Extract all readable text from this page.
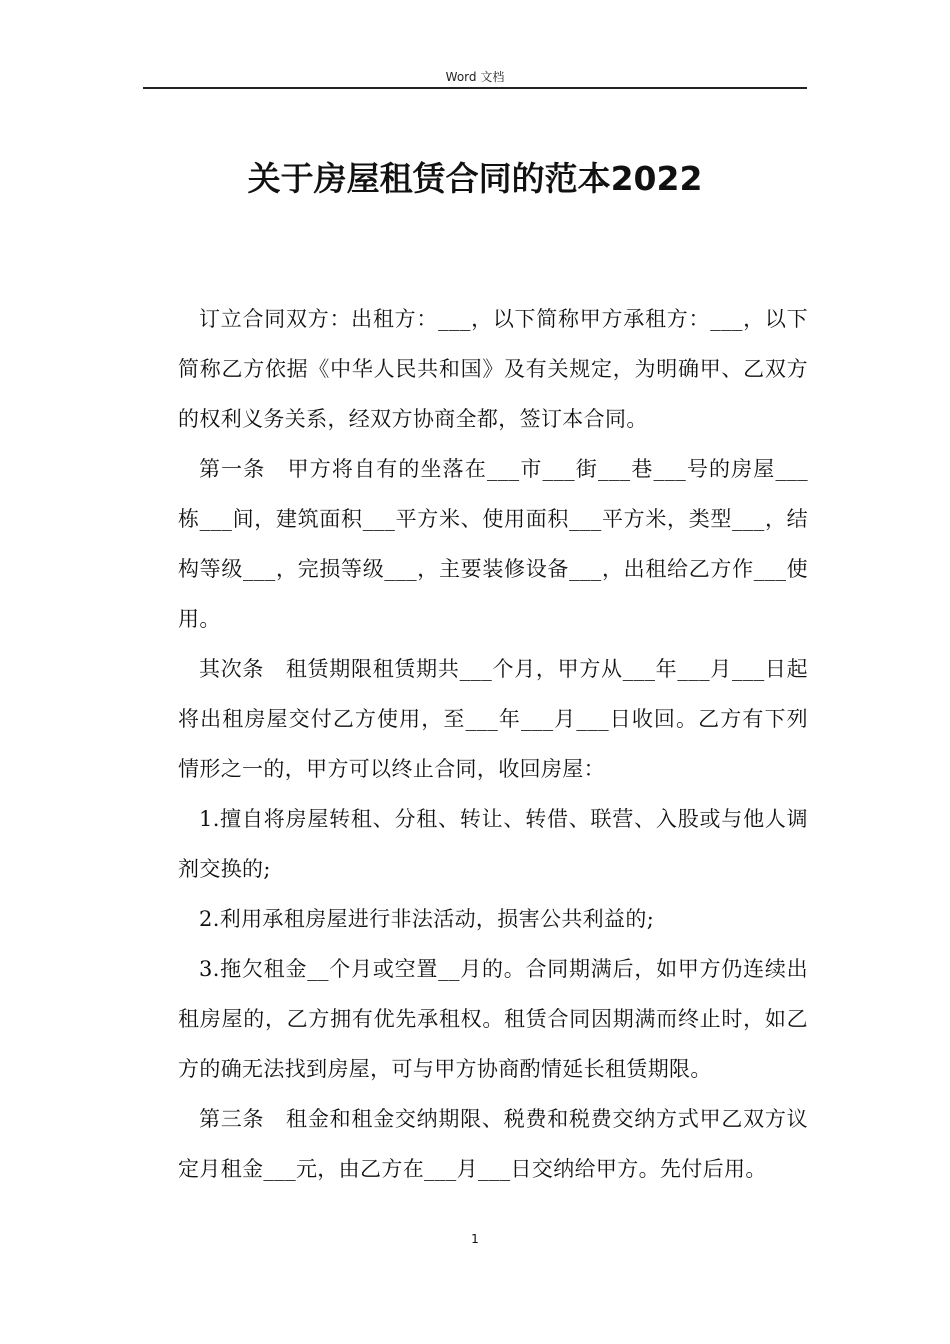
Word 文档
关于房屋租赁合同的范本2022

订立合同双方：出租方：___，以下简称甲方承租方：___，以下简称乙方依据《中华人民共和国》及有关规定，为明确甲、乙双方的权利义务关系，经双方协商全都，签订本合同。

第一条　甲方将自有的坐落在___市___街___巷___号的房屋___栋___间，建筑面积___平方米、使用面积___平方米，类型___，结构等级___，完损等级___，主要装修设备___，出租给乙方作___使用。

其次条　租赁期限租赁期共___个月，甲方从___年___月___日起将出租房屋交付乙方使用，至___年___月___日收回。乙方有下列情形之一的，甲方可以终止合同，收回房屋：

1.擅自将房屋转租、分租、转让、转借、联营、入股或与他人调剂交换的;

2.利用承租房屋进行非法活动，损害公共利益的;

3.拖欠租金__个月或空置__月的。合同期满后，如甲方仍连续出租房屋的，乙方拥有优先承租权。租赁合同因期满而终止时，如乙方的确无法找到房屋，可与甲方协商酌情延长租赁期限。

第三条　租金和租金交纳期限、税费和税费交纳方式甲乙双方议定月租金___元，由乙方在___月___日交纳给甲方。先付后用。

1
